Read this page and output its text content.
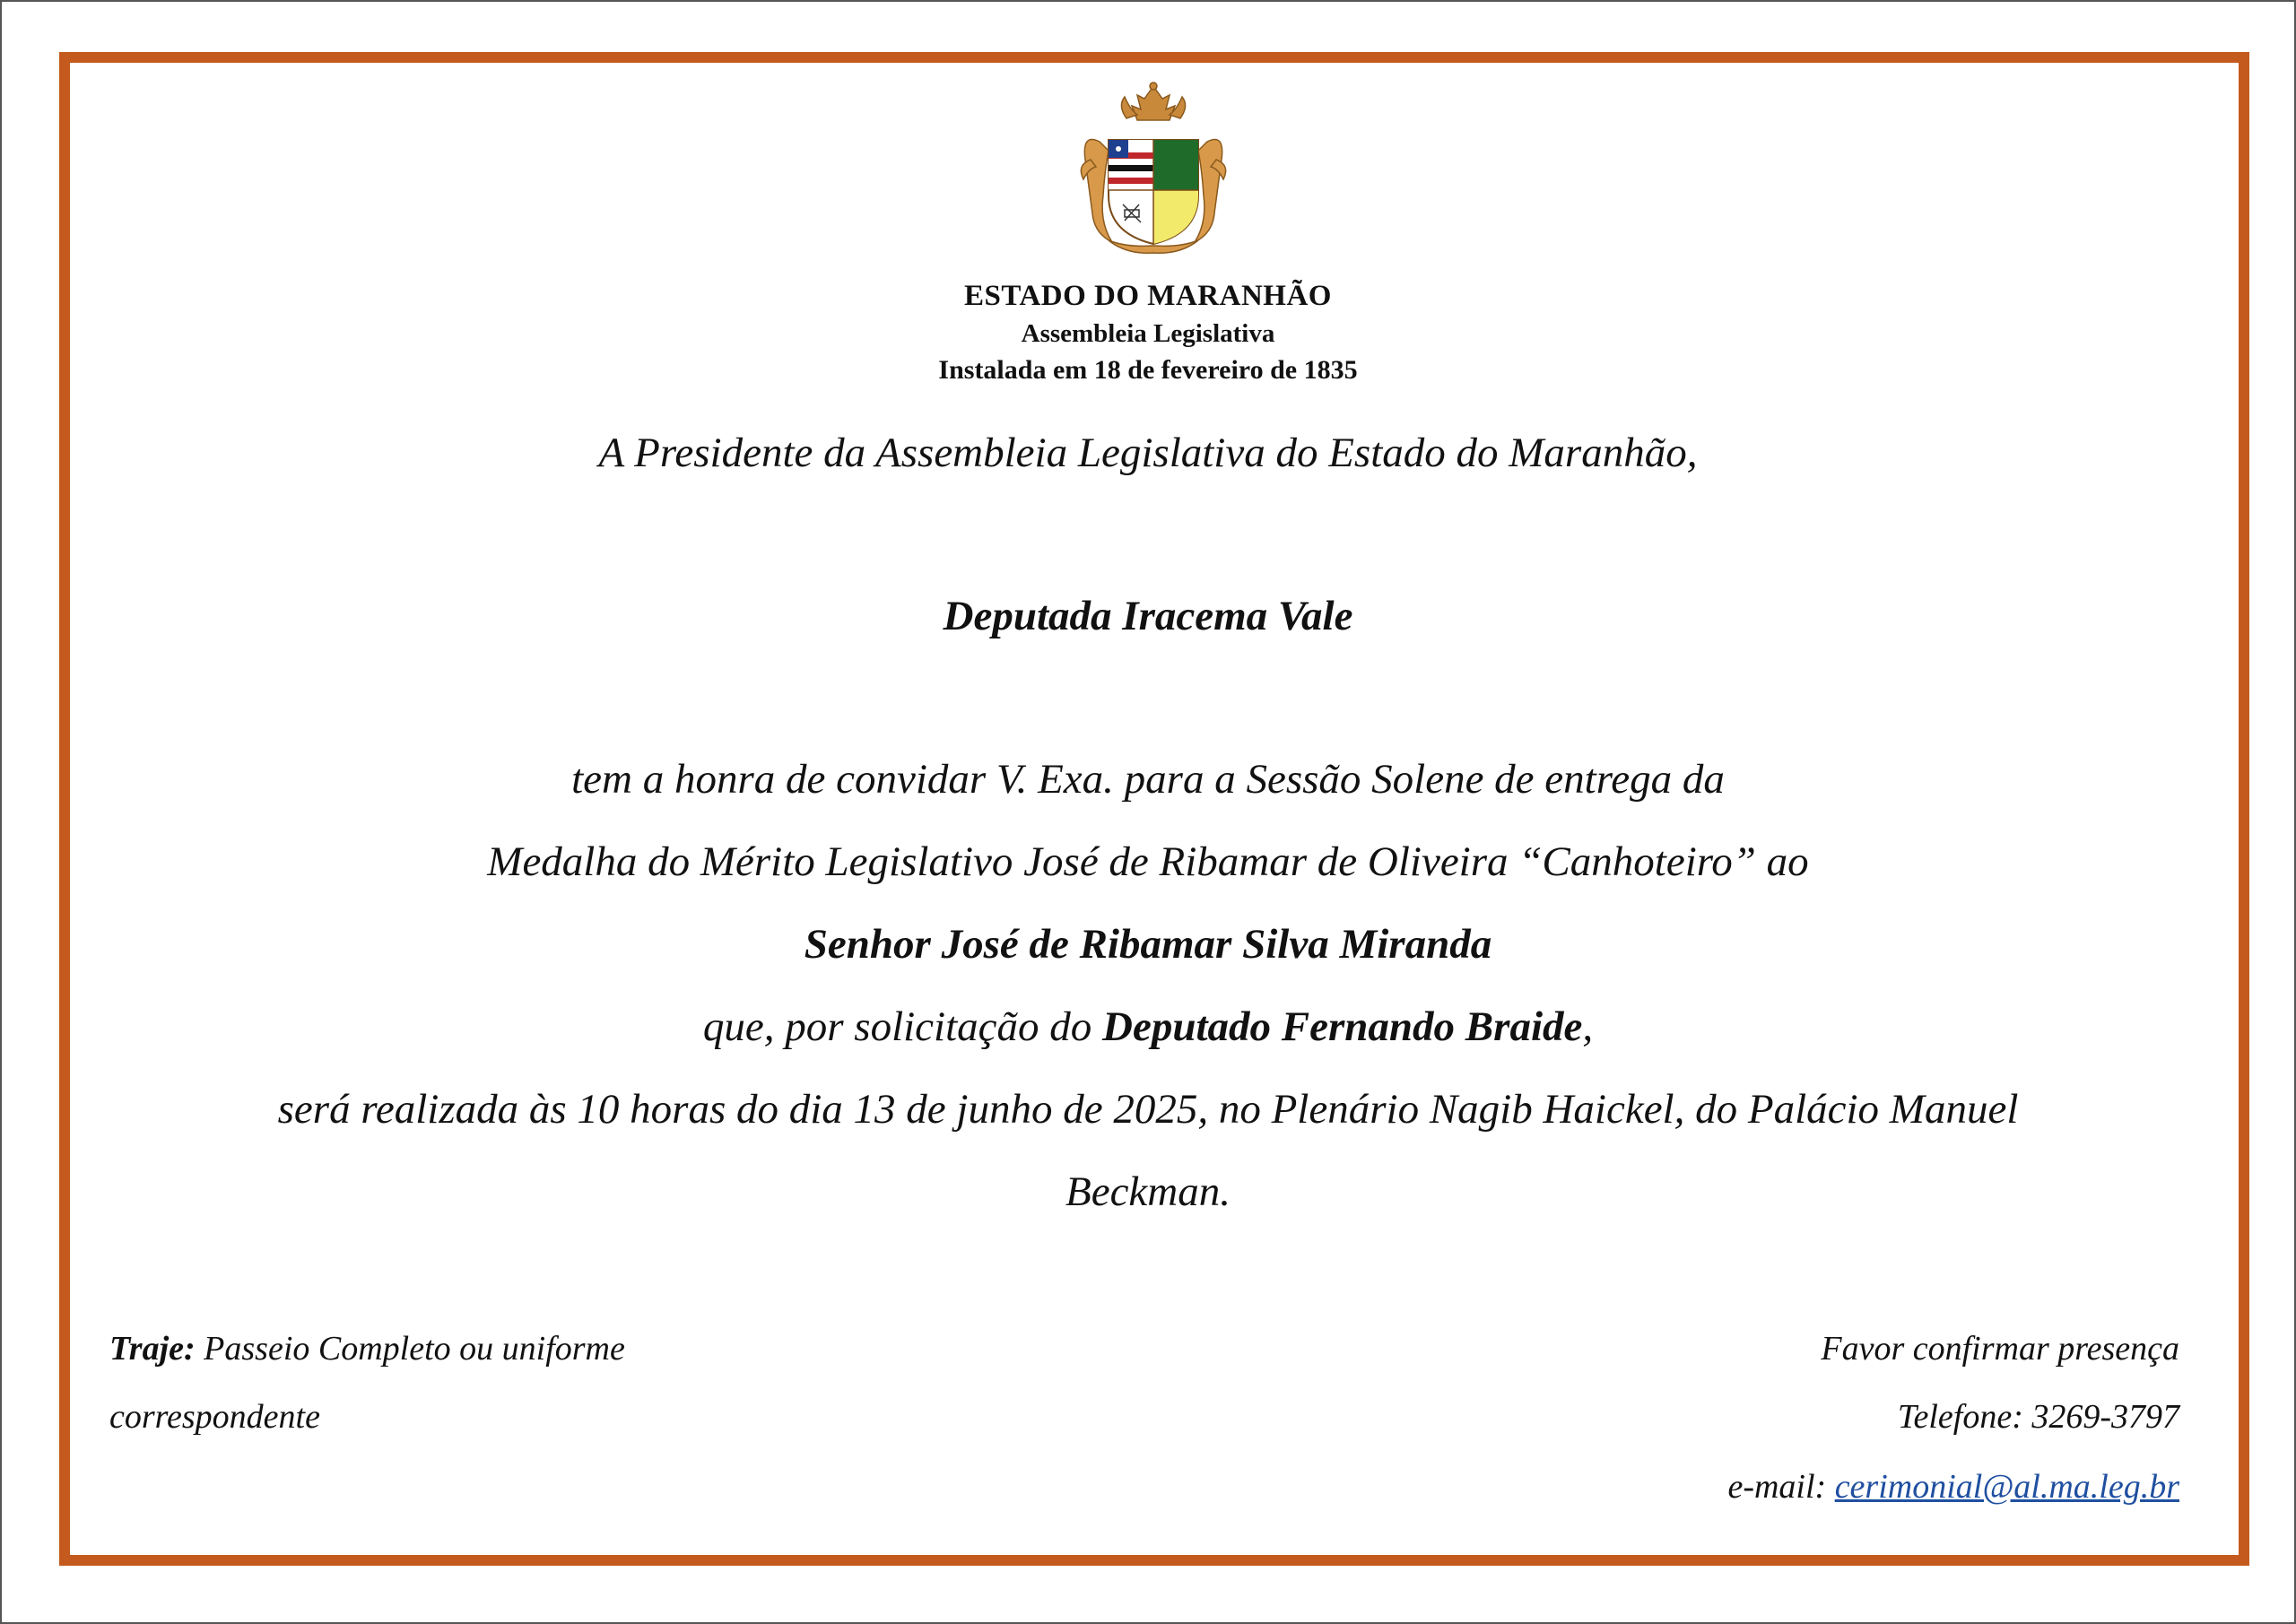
ESTADO DO MARANHÃO
Assembleia Legislativa
Instalada em 18 de fevereiro de 1835
A Presidente da Assembleia Legislativa do Estado do Maranhão,
Deputada Iracema Vale
tem a honra de convidar V. Exa. para a Sessão Solene de entrega da
Medalha do Mérito Legislativo José de Ribamar de Oliveira “Canhoteiro” ao
Senhor José de Ribamar Silva Miranda
que, por solicitação do Deputado Fernando Braide,
será realizada às 10 horas do dia 13 de junho de 2025, no Plenário Nagib Haickel, do Palácio Manuel
Beckman.
Traje: Passeio Completo ou uniforme
correspondente
Favor confirmar presença
Telefone: 3269-3797
e-mail: cerimonial@al.ma.leg.br
